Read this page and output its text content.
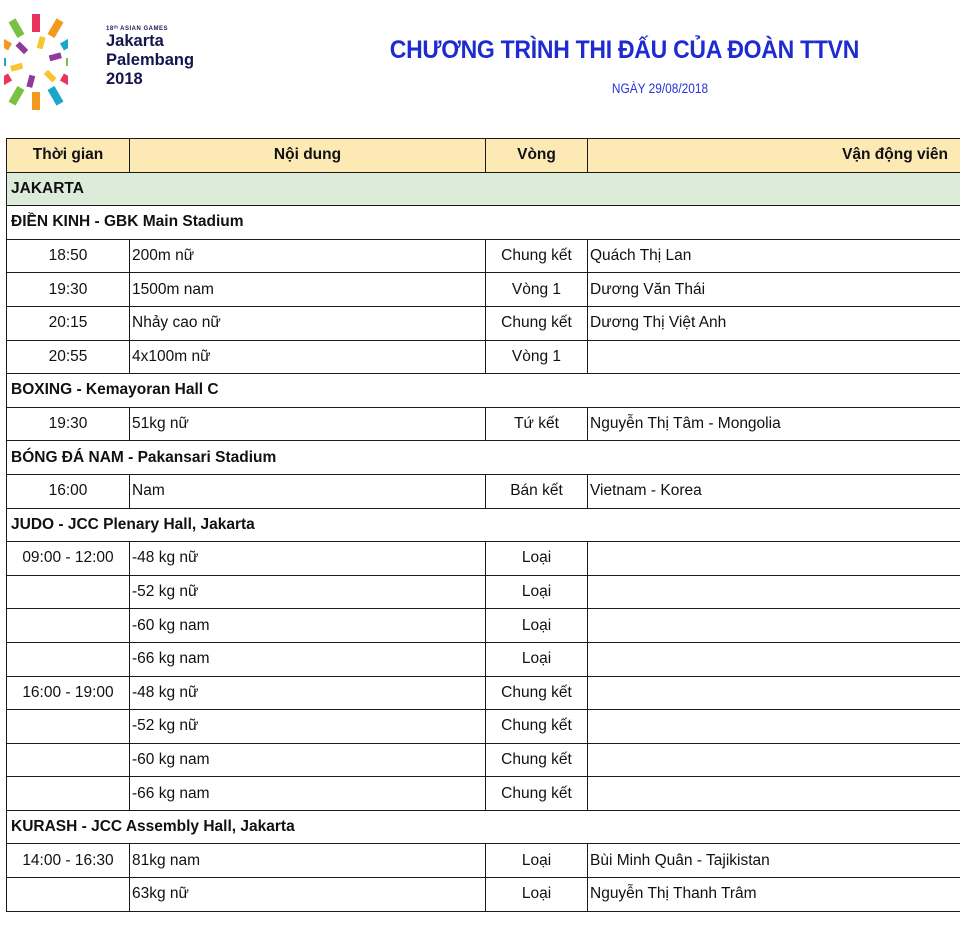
18ᵗʰ ASIAN GAMES
Jakarta
Palembang
2018
CHƯƠNG TRÌNH THI ĐẤU CỦA ĐOÀN TTVN
NGÀY 29/08/2018
Thời gian	Nội dung	Vòng	Vận động viên
JAKARTA			
ĐIỀN KINH - GBK Main Stadium			
18:50	200m nữ	Chung kết	Quách Thị Lan
19:30	1500m nam	Vòng 1	Dương Văn Thái
20:15	Nhảy cao nữ	Chung kết	Dương Thị Việt Anh
20:55	4x100m nữ	Vòng 1	
BOXING - Kemayoran Hall C			
19:30	51kg nữ	Tứ kết	Nguyễn Thị Tâm - Mongolia
BÓNG ĐÁ NAM - Pakansari Stadium			
16:00	Nam	Bán kết	Vietnam - Korea
JUDO - JCC Plenary Hall, Jakarta			
09:00 - 12:00	-48 kg nữ	Loại	
	-52 kg nữ	Loại	
	-60 kg nam	Loại	
	-66 kg nam	Loại	
16:00 - 19:00	-48 kg nữ	Chung kết	
	-52 kg nữ	Chung kết	
	-60 kg nam	Chung kết	
	-66 kg nam	Chung kết	
KURASH - JCC Assembly Hall, Jakarta			
14:00 - 16:30	81kg nam	Loại	Bùi Minh Quân - Tajikistan
	63kg nữ	Loại	Nguyễn Thị Thanh Trâm
